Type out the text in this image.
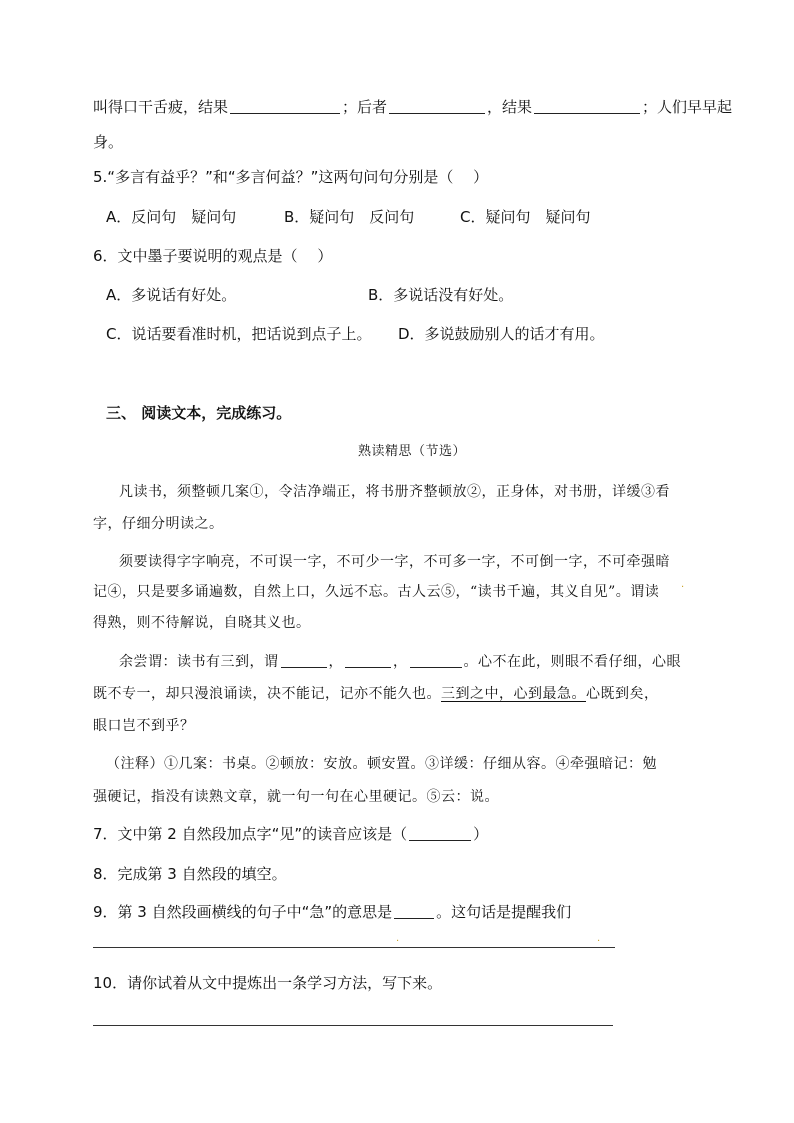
叫得口干舌疲，结果	；后者	，结果	；人们早早起
身。
5.“多言有益乎？”和“多言何益？”这两句问句分别是（　 ）
A．反问句　疑问句	B．疑问句　反问句	C．疑问句　疑问句
6．文中墨子要说明的观点是（　 ）
A．多说话有好处。	B．多说话没有好处。
C．说话要看准时机，把话说到点子上。 D．多说鼓励别人的话才有用。
三、 阅读文本，完成练习。
熟读精思（节选）
凡读书，须整顿几案①，令洁净端正，将书册齐整顿放②，正身体，对书册，详缓③看
字，仔细分明读之。
须要读得字字响亮，不可误一字，不可少一字，不可多一字，不可倒一字，不可牵强暗
记④，只是要多诵遍数，自然上口，久远不忘。古人云⑤，“读书千遍，其义自见”。谓读
得熟，则不待解说，自晓其义也。
·
余尝谓：读书有三到，谓	，	，	。心不在此，则眼不看仔细，心眼
既不专一，却只漫浪诵读，决不能记，记亦不能久也。三到之中，心到最急。心既到矣，
眼口岂不到乎？
（注释）①几案：书桌。②顿放：安放。顿安置。③详缓：仔细从容。④牵强暗记：勉
强硬记，指没有读熟文章，就一句一句在心里硬记。⑤云：说。
7．文中第 2 自然段加点字“见”的读音应该是（	）
8．完成第 3 自然段的填空。
9．第 3 自然段画横线的句子中“急”的意思是	。这句话是提醒我们
·	·
10．请你试着从文中提炼出一条学习方法，写下来。
